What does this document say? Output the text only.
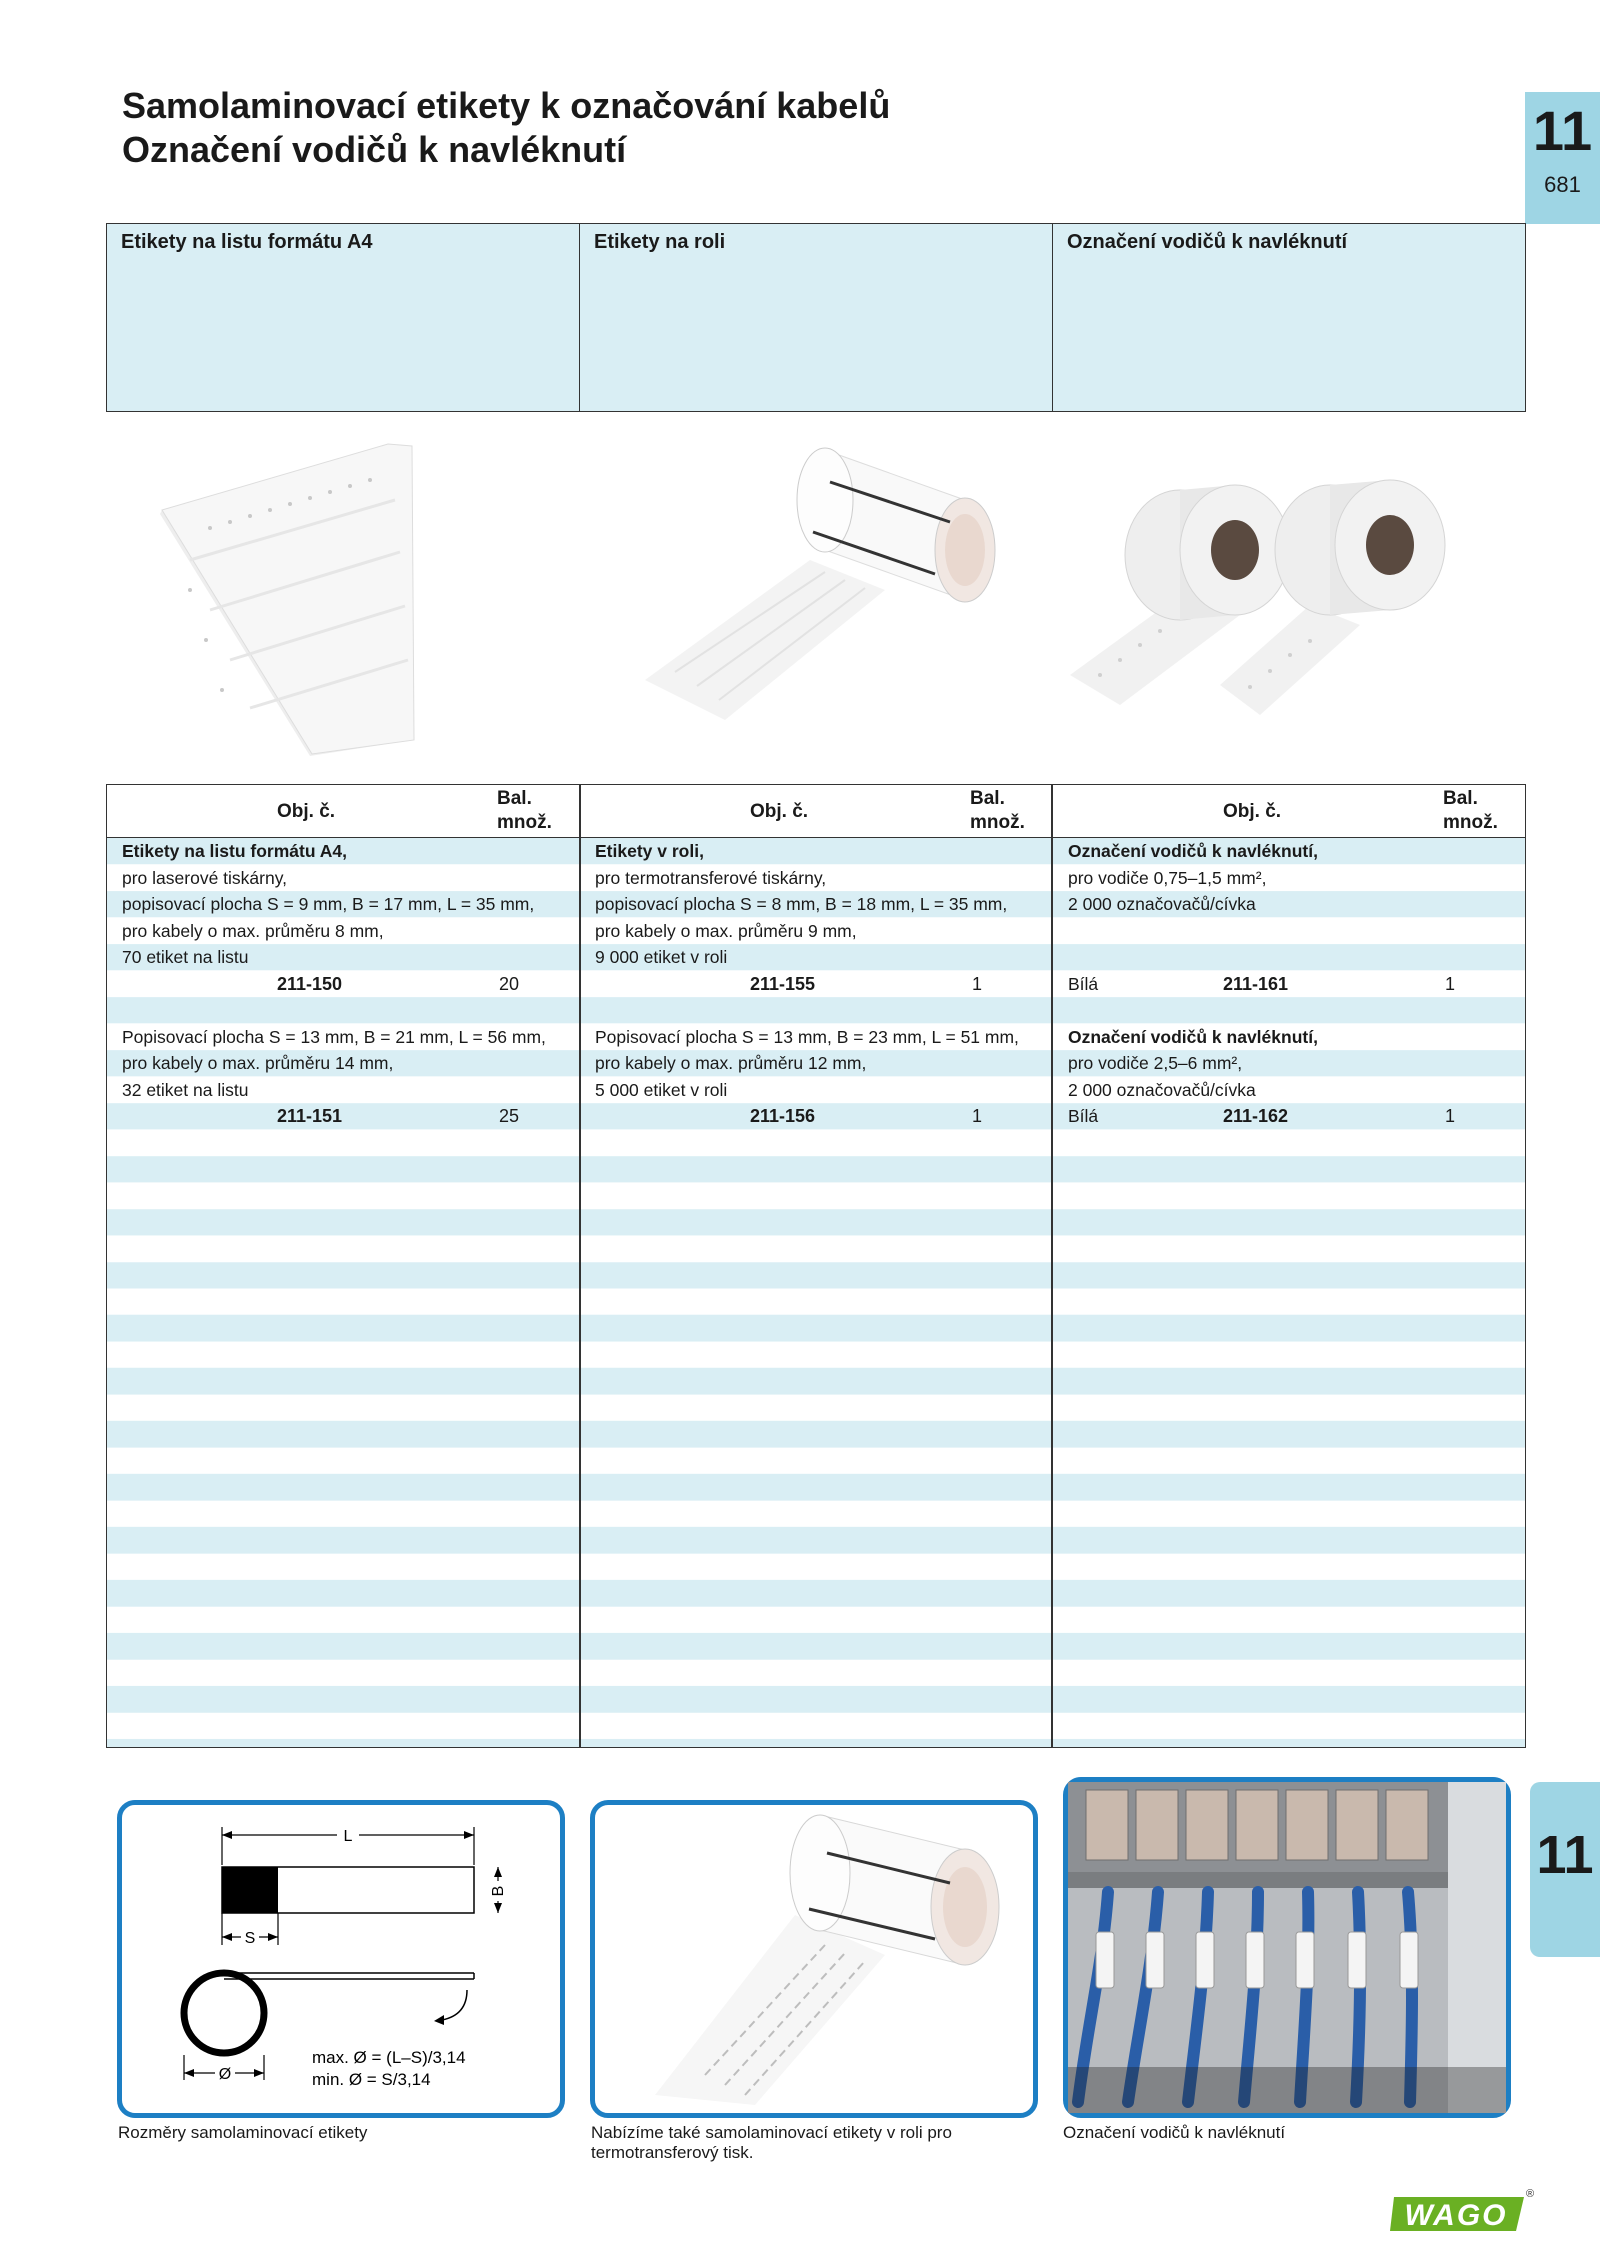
Samolaminovací etikety k označování kabelů
Označení vodičů k navléknutí	11
681
Etikety na listu formátu A4	Etikety na roli	Označení vodičů k navléknutí
Obj. č.
Bal.
množ.
Etikety na listu formátu A4,
pro laserové tiskárny,
popisovací plocha S = 9 mm, B = 17 mm, L = 35 mm,
pro kabely o max. průměru 8 mm,
70 etiket na listu
211-150	20
Popisovací plocha S = 13 mm, B = 21 mm, L = 56 mm,
pro kabely o max. průměru 14 mm,
32 etiket na listu
211-151	25
Obj. č.
Bal.
množ.
Etikety v roli,
pro termotransferové tiskárny,
popisovací plocha S = 8 mm, B = 18 mm, L = 35 mm,
pro kabely o max. průměru 9 mm,
9 000 etiket v roli
211-155	1
Popisovací plocha S = 13 mm, B = 23 mm, L = 51 mm,
pro kabely o max. průměru 12 mm,
5 000 etiket v roli
211-156	1
Obj. č.
Bal.
množ.
Označení vodičů k navléknutí,
pro vodiče 0,75–1,5 mm²,
2 000 označovačů/cívka
Bílá	211-161	1
Označení vodičů k navléknutí,
pro vodiče 2,5–6 mm²,
2 000 označovačů/cívka
Bílá	211-162	1
11
L
B
S
Ø
max. Ø = (L–S)/3,14
min. Ø = S/3,14
Rozměry samolaminovací etikety	Nabízíme také samolaminovací etikety v roli pro termotransferový tisk.
Označení vodičů k navléknutí
WAGO
®
